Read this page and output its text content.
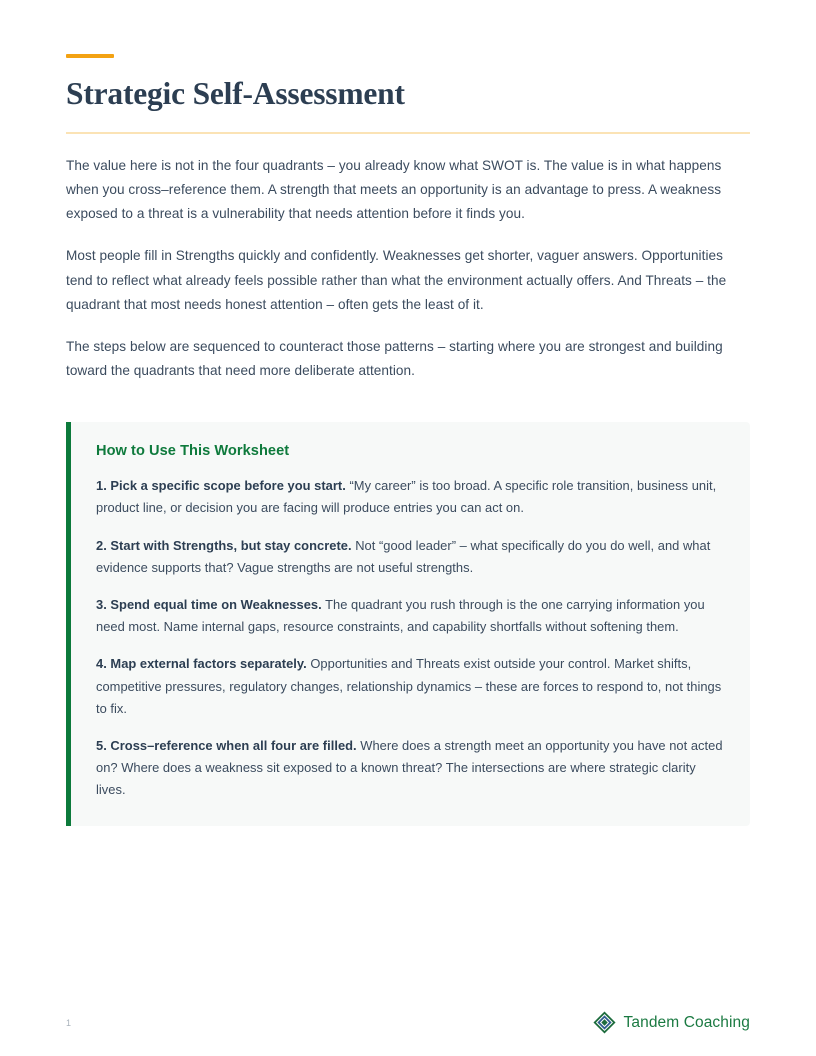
Strategic Self-Assessment

The value here is not in the four quadrants – you already know what SWOT is. The value is in what happens when you cross–reference them. A strength that meets an opportunity is an advantage to press. A weakness exposed to a threat is a vulnerability that needs attention before it finds you.

Most people fill in Strengths quickly and confidently. Weaknesses get shorter, vaguer answers. Opportunities tend to reflect what already feels possible rather than what the environment actually offers. And Threats – the quadrant that most needs honest attention – often gets the least of it.

The steps below are sequenced to counteract those patterns – starting where you are strongest and building toward the quadrants that need more deliberate attention.

How to Use This Worksheet

1. Pick a specific scope before you start. “My career” is too broad. A specific role transition, business unit, product line, or decision you are facing will produce entries you can act on.

2. Start with Strengths, but stay concrete. Not “good leader” – what specifically do you do well, and what evidence supports that? Vague strengths are not useful strengths.

3. Spend equal time on Weaknesses. The quadrant you rush through is the one carrying information you need most. Name internal gaps, resource constraints, and capability shortfalls without softening them.

4. Map external factors separately. Opportunities and Threats exist outside your control. Market shifts, competitive pressures, regulatory changes, relationship dynamics – these are forces to respond to, not things to fix.

5. Cross–reference when all four are filled. Where does a strength meet an opportunity you have not acted on? Where does a weakness sit exposed to a known threat? The intersections are where strategic clarity lives.

1	Tandem Coaching
